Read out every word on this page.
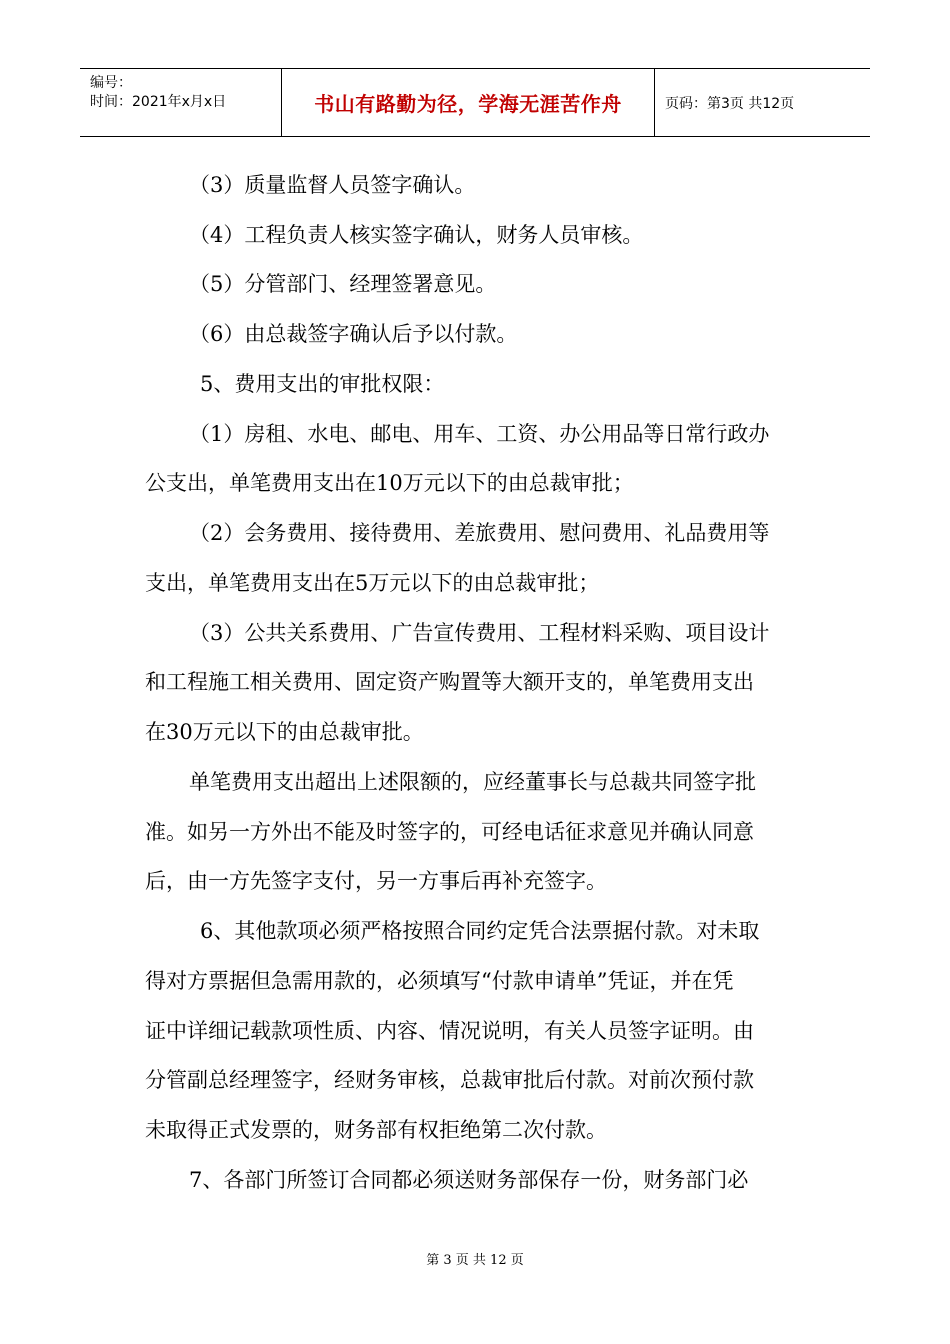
编号：
时间：2021年x月x日	书山有路勤为径，学海无涯苦作舟	页码：第3页 共12页
（3）质量监督人员签字确认。
（4）工程负责人核实签字确认，财务人员审核。
（5）分管部门、经理签署意见。
（6）由总裁签字确认后予以付款。
5、费用支出的审批权限：
（1）房租、水电、邮电、用车、工资、办公用品等日常行政办
公支出，单笔费用支出在10万元以下的由总裁审批；
（2）会务费用、接待费用、差旅费用、慰问费用、礼品费用等
支出，单笔费用支出在5万元以下的由总裁审批；
（3）公共关系费用、广告宣传费用、工程材料采购、项目设计
和工程施工相关费用、固定资产购置等大额开支的，单笔费用支出
在30万元以下的由总裁审批。
单笔费用支出超出上述限额的，应经董事长与总裁共同签字批
准。如另一方外出不能及时签字的，可经电话征求意见并确认同意
后，由一方先签字支付，另一方事后再补充签字。
6、其他款项必须严格按照合同约定凭合法票据付款。对未取
得对方票据但急需用款的，必须填写“付款申请单”凭证，并在凭
证中详细记载款项性质、内容、情况说明，有关人员签字证明。由
分管副总经理签字，经财务审核，总裁审批后付款。对前次预付款
未取得正式发票的，财务部有权拒绝第二次付款。
7、各部门所签订合同都必须送财务部保存一份，财务部门必
第 3 页 共 12 页
